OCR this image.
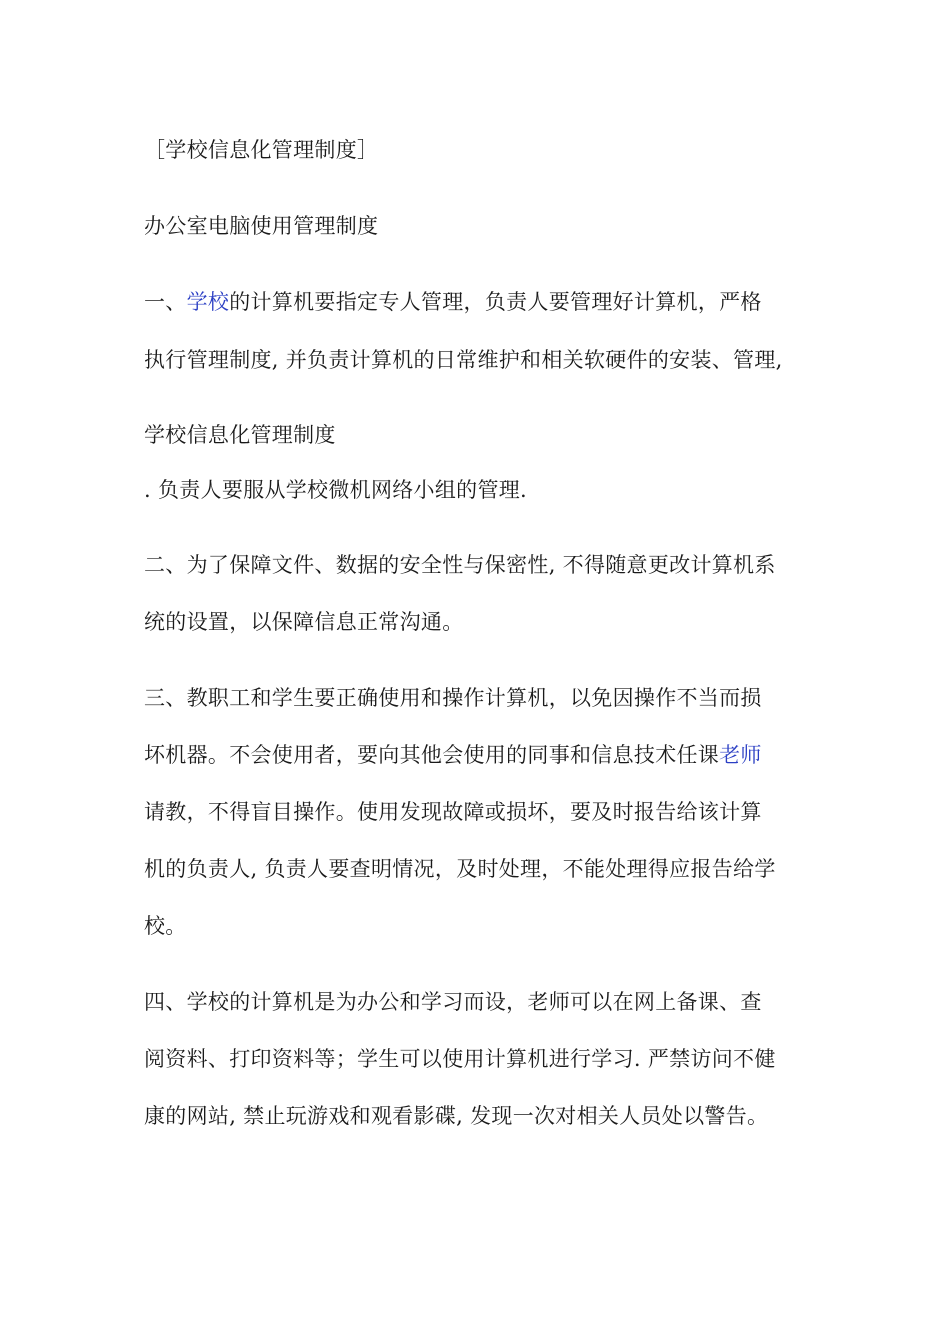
［学校信息化管理制度］
办公室电脑使用管理制度
一、学校的计算机要指定专人管理，负责人要管理好计算机，严格
执行管理制度, 并负责计算机的日常维护和相关软硬件的安装、管理,
学校信息化管理制度
. 负责人要服从学校微机网络小组的管理.
二、为了保障文件、数据的安全性与保密性, 不得随意更改计算机系
统的设置，以保障信息正常沟通。
三、教职工和学生要正确使用和操作计算机，以免因操作不当而损
坏机器。不会使用者，要向其他会使用的同事和信息技术任课老师
请教，不得盲目操作。使用发现故障或损坏，要及时报告给该计算
机的负责人, 负责人要查明情况，及时处理，不能处理得应报告给学
校。
四、学校的计算机是为办公和学习而设，老师可以在网上备课、查
阅资料、打印资料等；学生可以使用计算机进行学习. 严禁访问不健
康的网站, 禁止玩游戏和观看影碟, 发现一次对相关人员处以警告。
